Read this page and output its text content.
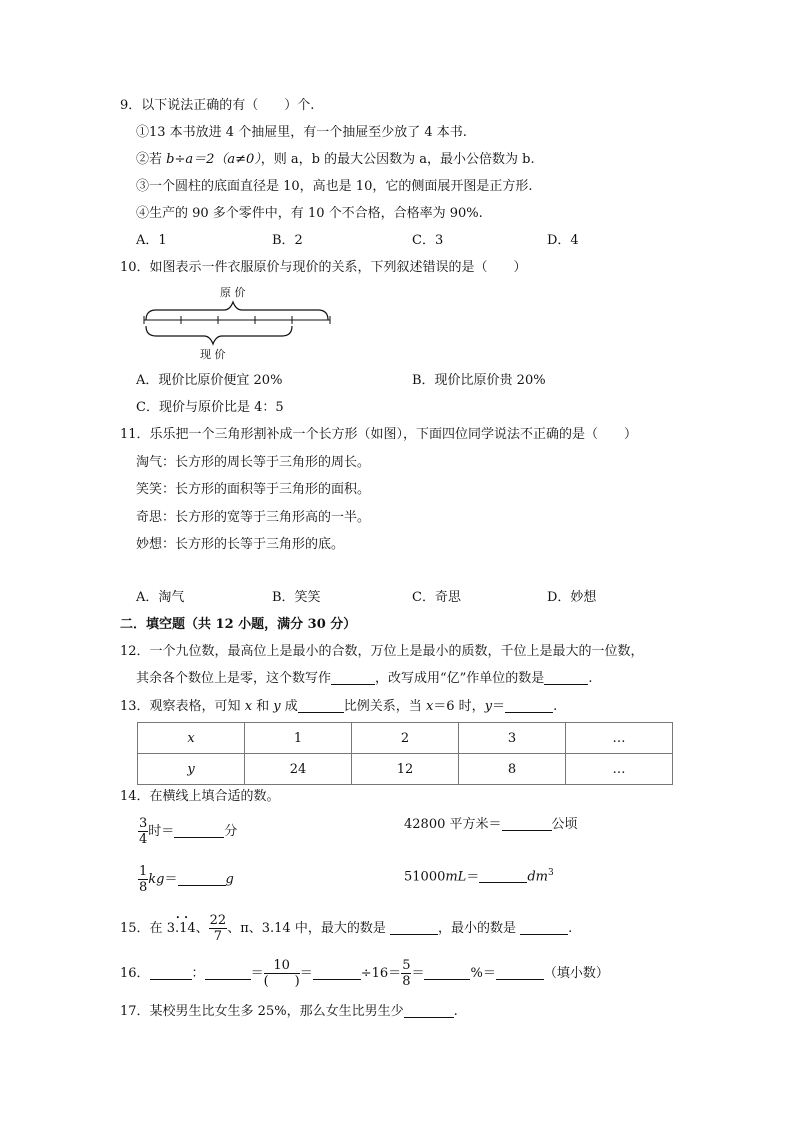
9．以下说法正确的有（　　）个.
①13 本书放进 4 个抽屉里，有一个抽屉至少放了 4 本书.
②若 b÷a＝2（a≠0），则 a，b 的最大公因数为 a，最小公倍数为 b.
③一个圆柱的底面直径是 10，高也是 10，它的侧面展开图是正方形.
④生产的 90 多个零件中，有 10 个不合格，合格率为 90%.
A．1	B．2	C．3	D．4
10．如图表示一件衣服原价与现价的关系，下列叙述错误的是（　　）
原 价
现 价
A．现价比原价便宜 20%	B．现价比原价贵 20%
C．现价与原价比是 4：5
11．乐乐把一个三角形割补成一个长方形（如图），下面四位同学说法不正确的是（　　）
淘气：长方形的周长等于三角形的周长。
笑笑：长方形的面积等于三角形的面积。
奇思：长方形的宽等于三角形高的一半。
妙想：长方形的长等于三角形的底。
A．淘气	B．笑笑	C．奇思	D．妙想
二．填空题（共 12 小题，满分 30 分）
12．一个九位数，最高位上是最小的合数，万位上是最小的质数，千位上是最大的一位数，
其余各个数位上是零，这个数写作	，改写成用“亿”作单位的数是	.
13．观察表格，可知 x 和 y 成	比例关系，当 x＝6 时，y＝	.
x	1	2	3	…
y	24	12	8	…
14．在横线上填合适的数。
$\frac{3}{4}$ 时＝	分	42800 平方米＝	公顷
$\frac{1}{8} kg=$	g	51000mL＝	$dm^3$
15．在 • • 3.14、 $\frac{22}{7}$ 、π、3.14 中，最大的数是	，最小的数是	.
16．	：	＝ $\frac{10}{( )}$ ＝	$\div 16= \frac{5}{8}$ ＝	%＝	（填小数）
17．某校男生比女生多 25%，那么女生比男生少	.
